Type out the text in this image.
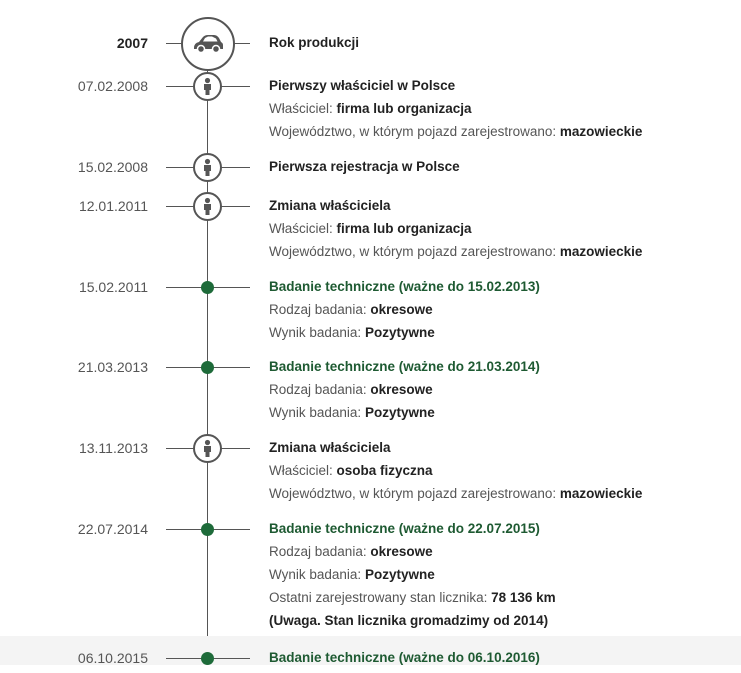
2007	Rok produkcji
07.02.2008	Pierwszy właściciel w Polsce
Właściciel: firma lub organizacja
Województwo, w którym pojazd zarejestrowano: mazowieckie
15.02.2008	Pierwsza rejestracja w Polsce
12.01.2011	Zmiana właściciela
Właściciel: firma lub organizacja
Województwo, w którym pojazd zarejestrowano: mazowieckie
15.02.2011	Badanie techniczne (ważne do 15.02.2013)
Rodzaj badania: okresowe
Wynik badania: Pozytywne
21.03.2013	Badanie techniczne (ważne do 21.03.2014)
Rodzaj badania: okresowe
Wynik badania: Pozytywne
13.11.2013	Zmiana właściciela
Właściciel: osoba fizyczna
Województwo, w którym pojazd zarejestrowano: mazowieckie
22.07.2014	Badanie techniczne (ważne do 22.07.2015)
Rodzaj badania: okresowe
Wynik badania: Pozytywne
Ostatni zarejestrowany stan licznika: 78 136 km
(Uwaga. Stan licznika gromadzimy od 2014)
06.10.2015	Badanie techniczne (ważne do 06.10.2016)
